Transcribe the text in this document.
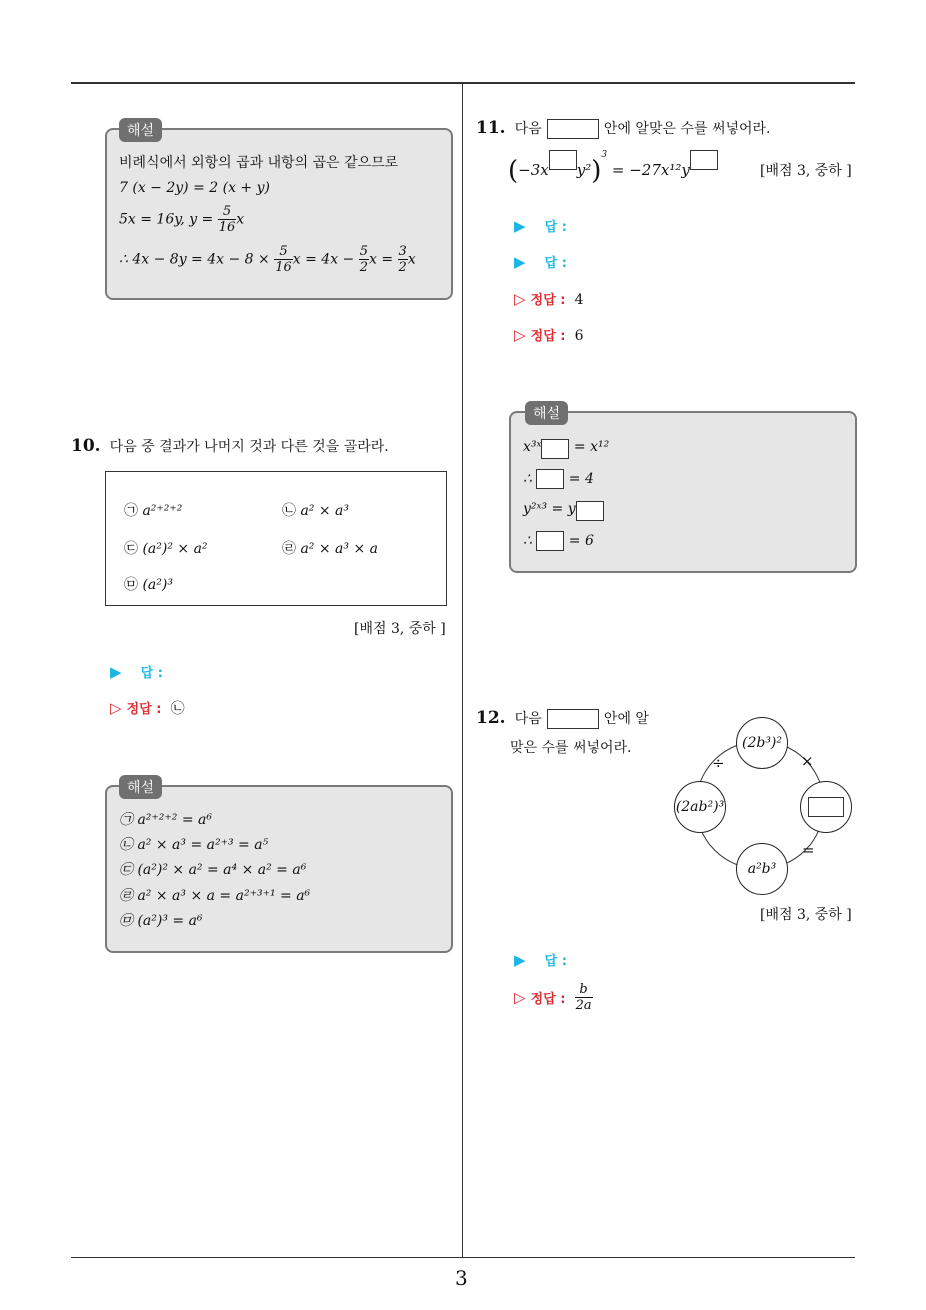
3
해설
비례식에서 외항의 곱과 내항의 곱은 같으므로
7 (x − 2y) = 2 (x + y)
5x = 16y, $y = \frac{5}{16}$ x
∴ $4x - 8y = 4x - 8 \times \frac{5}{16}$ $x = 4x - \frac{5}{2}$ $x = \frac{3}{2}$ x
10. 다음 중 결과가 나머지 것과 다른 것을 골라라.
㉠ a²⁺²⁺²	㉡ a² × a³
㉢ (a²)² × a²	㉣ a² × a³ × a
㉤ (a²)³
[배점 3, 중하 ]
▶ 답 :
▷ 정답 : ㉡
해설
㉠ a²⁺²⁺² = a⁶
㉡ a² × a³ = a²⁺³ = a⁵
㉢ (a²)² × a² = a⁴ × a² = a⁶
㉣ a² × a³ × a = a²⁺³⁺¹ = a⁶
㉤ (a²)³ = a⁶
11. 다음	안에 알맞은 수를 써넣어라.
(−3x y²)$^3$ = −27x¹²y	[배점 3, 중하 ]
▶ 답 :
▶ 답 :
▷ 정답 : 4
▷ 정답 : 6
해설
x³ˣ = x¹²
∴  = 4
y²ˣ³ = y
∴  = 6
12. 다음	안에 알
맞은 수를 써넣어라.	(2b³)²
(2ab²)³
a²b³
÷	×
=
[배점 3, 중하 ]
▶ 답 :
▷ 정답 : $\frac{b}{2a}$
